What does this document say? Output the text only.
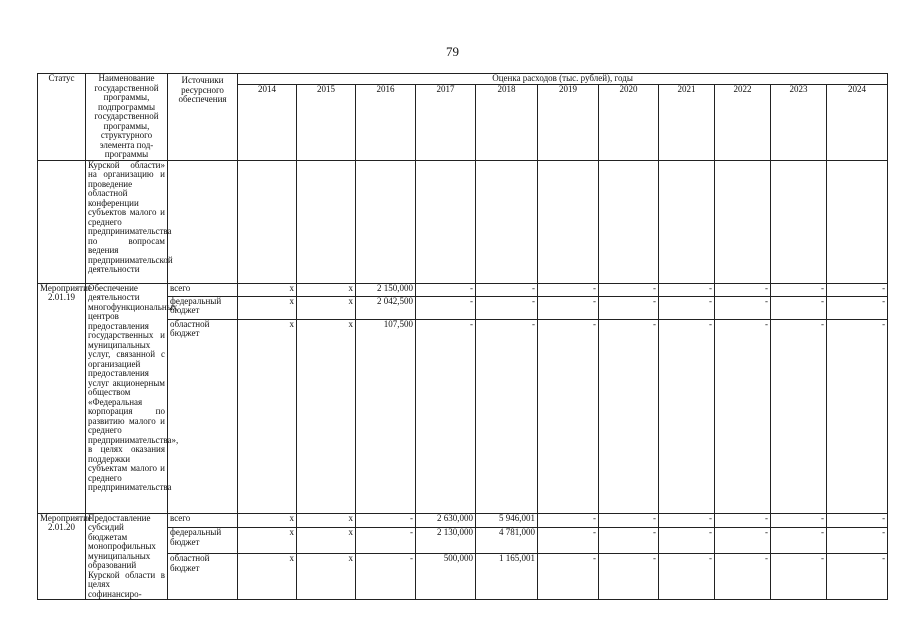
79
Статус	Наименование государственной программы, подпрограммы государственной программы, структурного элемента под-программы	Источники ресурсного обеспечения	Оценка расходов (тыс. рублей), годы										
			2014	2015	2016	2017	2018	2019	2020	2021	2022	2023	2024
	Курской области» на организацию и проведение областной конференции субъектов малого и среднего предпринимательства по вопросам ведения предпринимательской деятельности												
Мероприятие 2.01.19	Обеспечение деятельности многофункциональных центров предоставления государственных и муниципальных услуг, связанной с организацией предоставления услуг акционерным обществом «Федеральная корпорация по развитию малого и среднего предпринимательства», в целях оказания поддержки субъектам малого и среднего предпринимательства	всего	x	x	2 150,000	-	-	-	-	-	-	-	-
		федеральный бюджет	x	x	2 042,500	-	-	-	-	-	-	-	-
		областной бюджет	x	x	107,500	-	-	-	-	-	-	-	-
Мероприятие 2.01.20	Предоставление субсидий бюджетам монопрофильных муниципальных образований Курской области в целях софинансиро-	всего	x	x	-	2 630,000	5 946,001	-	-	-	-	-	-
		федеральный бюджет	x	x	-	2 130,000	4 781,000	-	-	-	-	-	-
		областной бюджет	x	x	-	500,000	1 165,001	-	-	-	-	-	-
